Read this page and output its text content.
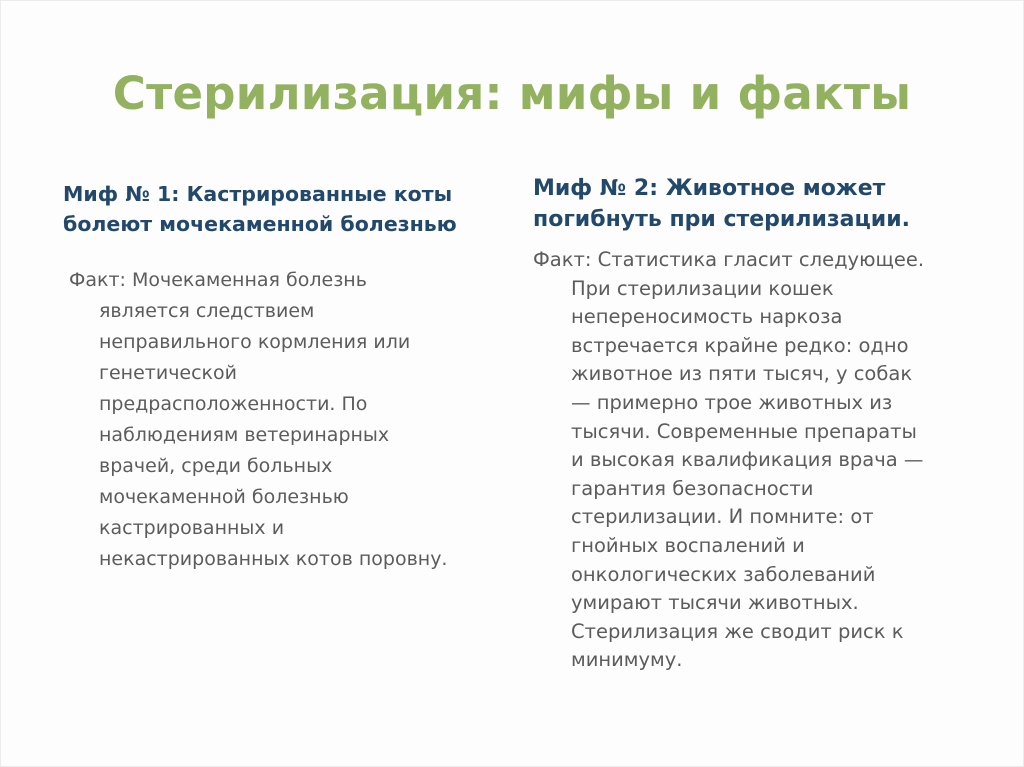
Стерилизация: мифы и факты

Миф № 1: Кастрированные коты
болеют мочекаменной болезнью

Факт: Мочекаменная болезнь
является следствием
неправильного кормления или
генетической
предрасположенности. По
наблюдениям ветеринарных
врачей, среди больных
мочекаменной болезнью
кастрированных и
некастрированных котов поровну.

Миф № 2: Животное может
погибнуть при стерилизации.

Факт: Статистика гласит следующее.
При стерилизации кошек
непереносимость наркоза
встречается крайне редко: одно
животное из пяти тысяч, у собак
— примерно трое животных из
тысячи. Современные препараты
и высокая квалификация врача —
гарантия безопасности
стерилизации. И помните: от
гнойных воспалений и
онкологических заболеваний
умирают тысячи животных.
Стерилизация же сводит риск к
минимуму.
